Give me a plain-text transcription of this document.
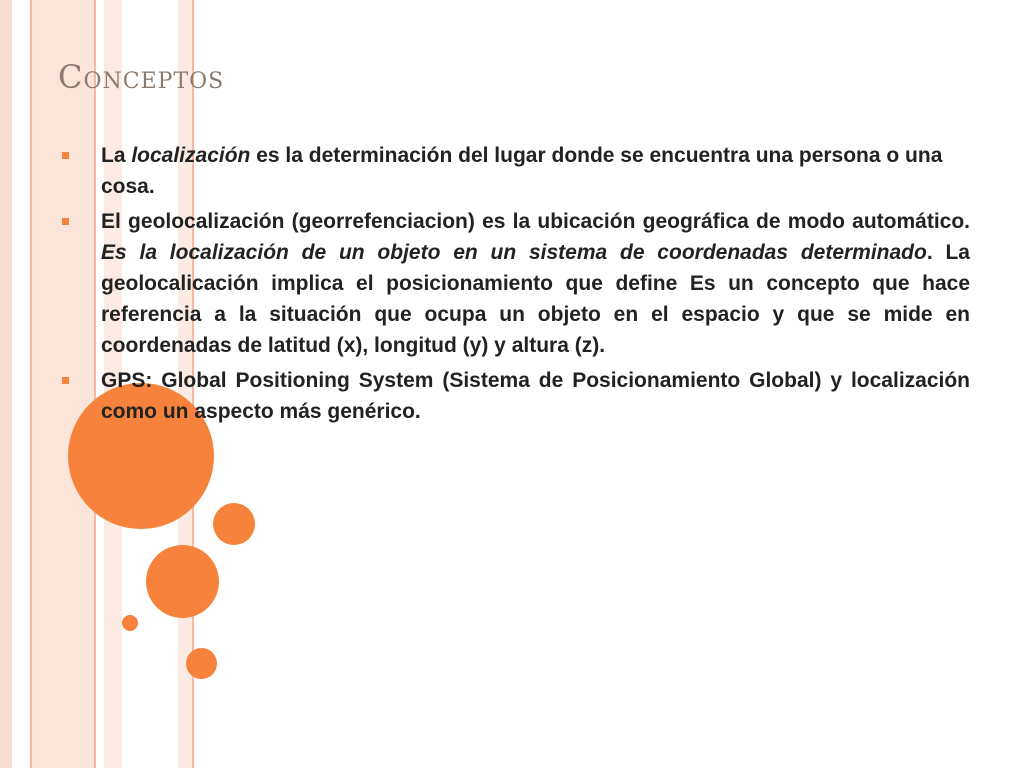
Conceptos

La localización es la determinación del lugar donde se encuentra una persona o una cosa.

El geolocalización (georrefenciacion) es la ubicación geográfica de modo automático. Es la localización de un objeto en un sistema de coordenadas determinado. La geolocalicación implica el posicionamiento que define Es un concepto que hace referencia a la situación que ocupa un objeto en el espacio y que se mide en coordenadas de latitud (x), longitud (y) y altura (z).

GPS: Global Positioning System (Sistema de Posicionamiento Global) y localización como un aspecto más genérico.
